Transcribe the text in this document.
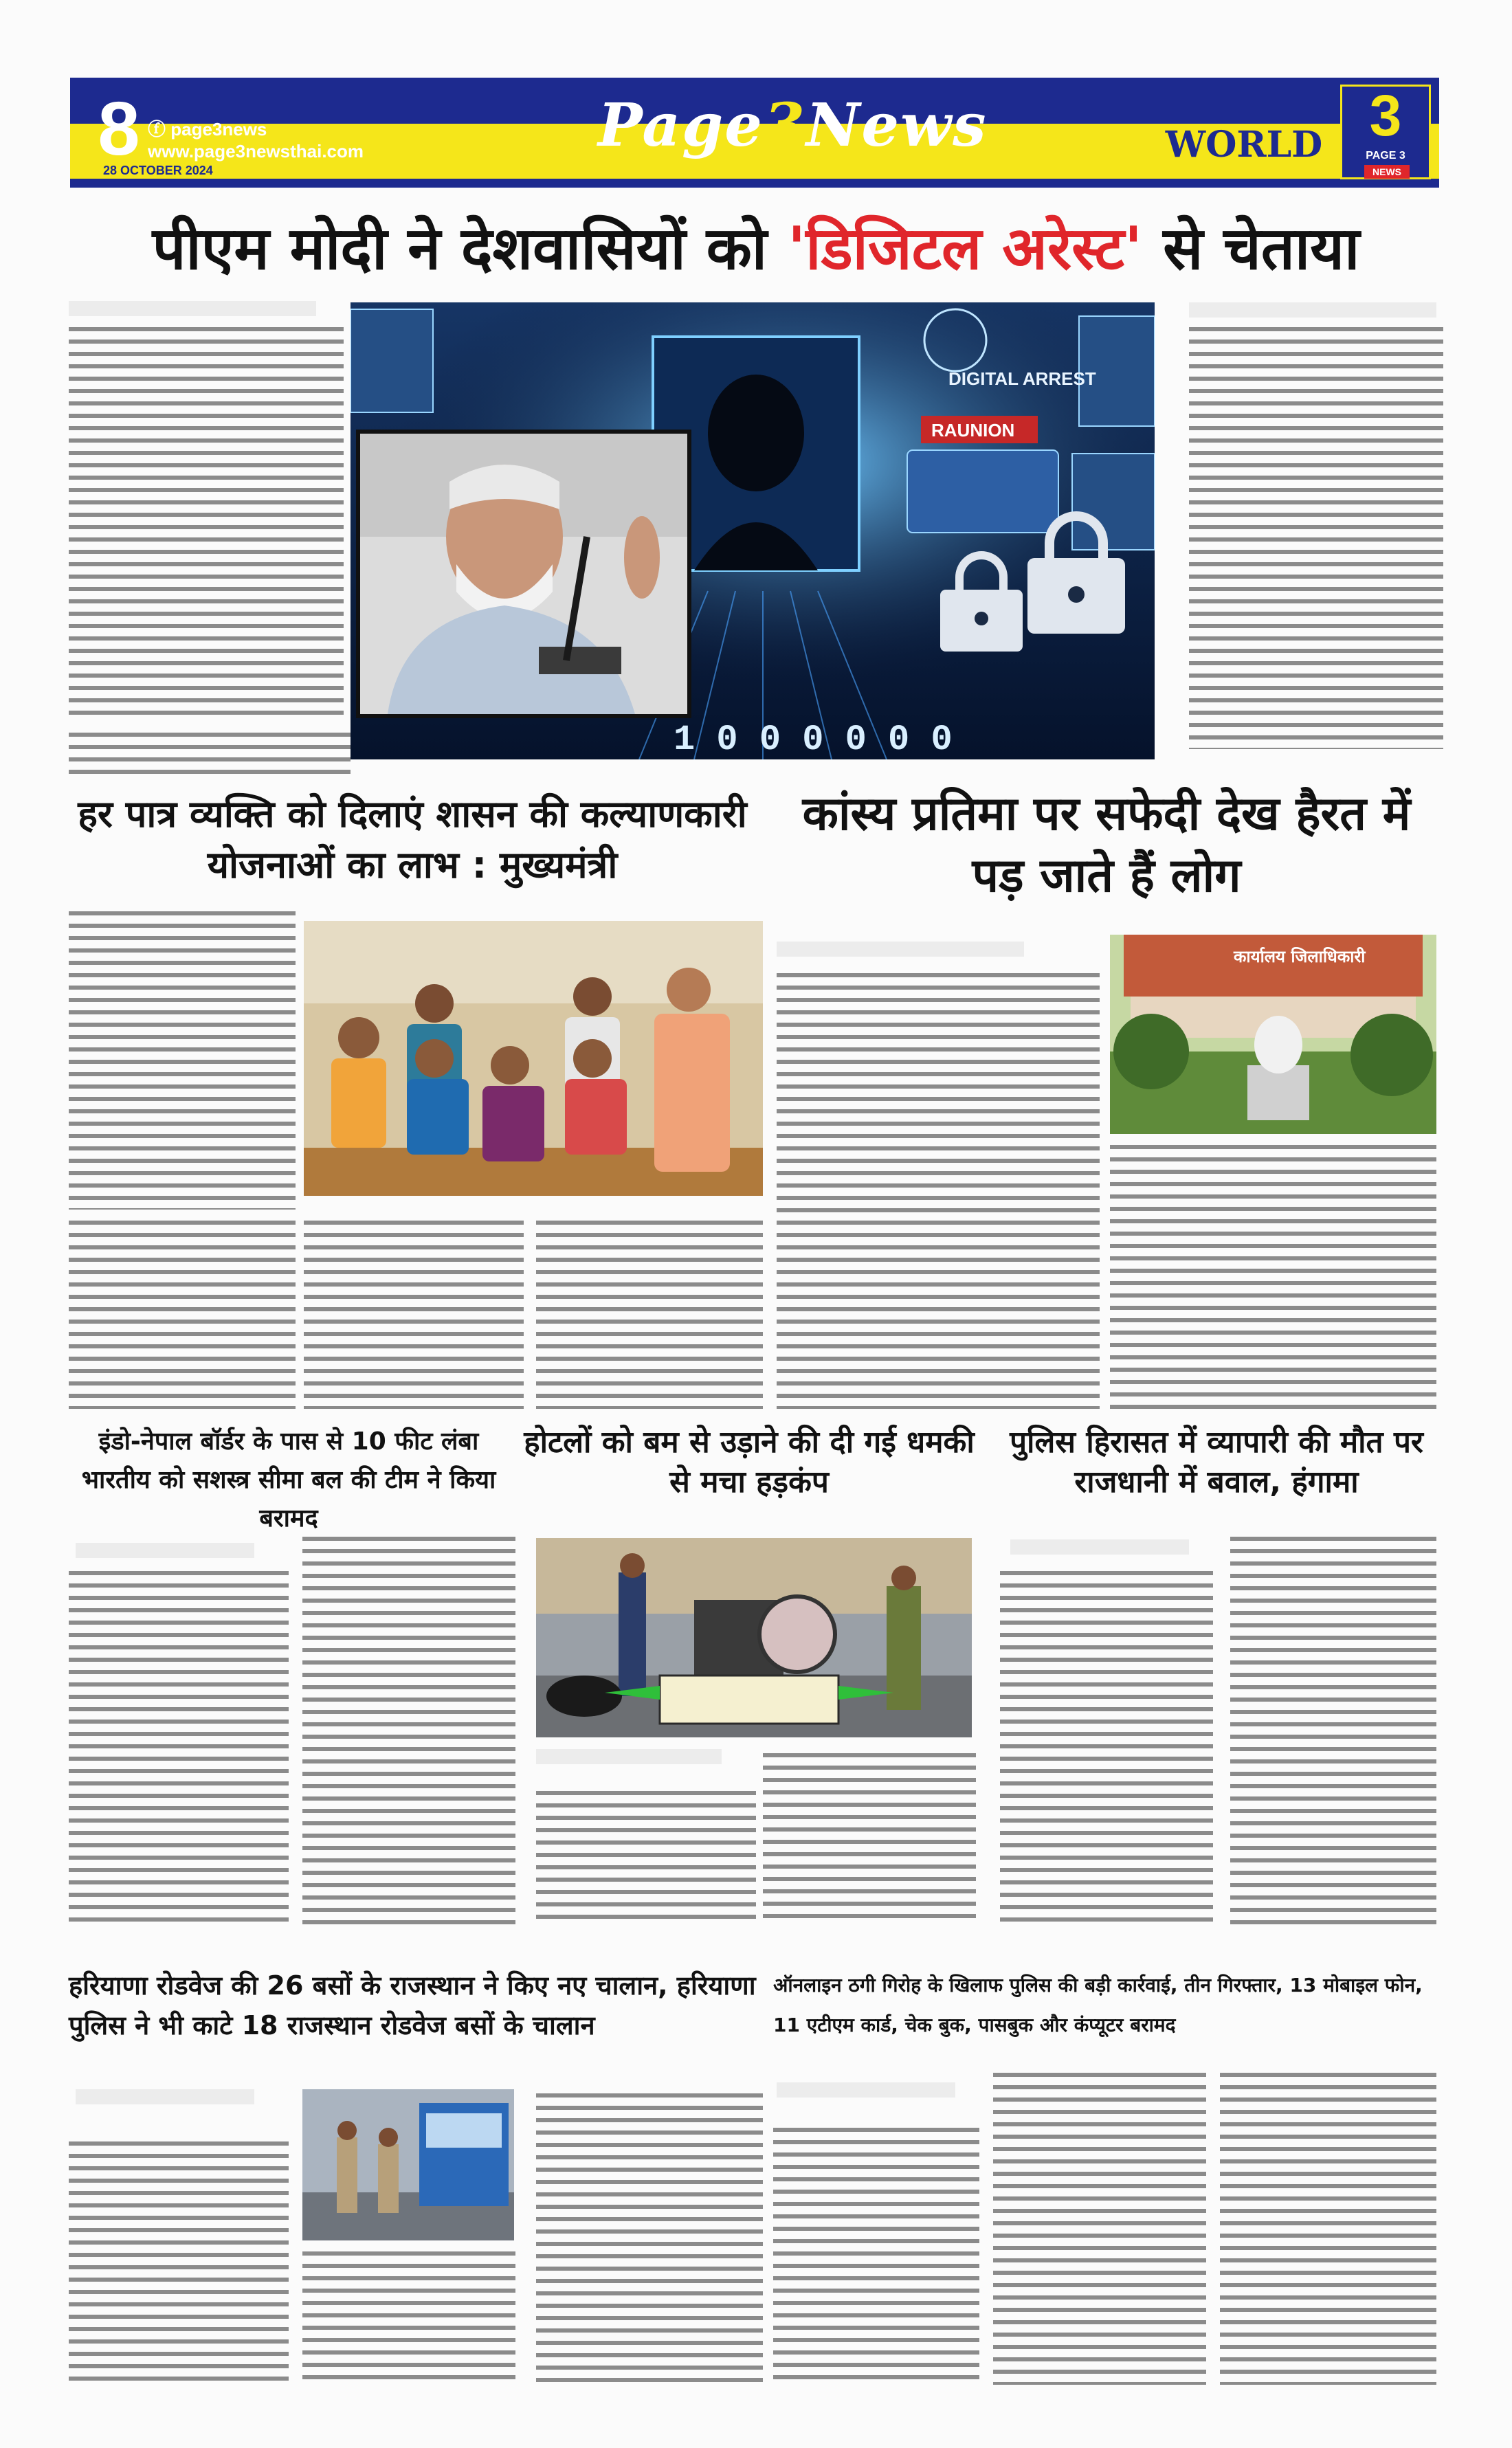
8 ⓕ page3news
www.page3newsthai.com
28 OCTOBER 2024
Page3News	WORLD 3
PAGE 3
NEWS
पीएम मोदी ने देशवासियों को 'डिजिटल अरेस्ट' से चेताया
DIGITAL ARREST
RAUNION
1 0 0 0 0 0 0
हर पात्र व्यक्ति को दिलाएं शासन की कल्याणकारी योजनाओं का लाभ : मुख्यमंत्री
कांस्य प्रतिमा पर सफेदी देख हैरत में पड़ जाते हैं लोग
कार्यालय जिलाधिकारी
इंडो-नेपाल बॉर्डर के पास से 10 फीट लंबा भारतीय को सशस्त्र सीमा बल की टीम ने किया बरामद
होटलों को बम से उड़ाने की दी गई धमकी से मचा हड़कंप
पुलिस हिरासत में व्यापारी की मौत पर राजधानी में बवाल, हंगामा
हरियाणा रोडवेज की 26 बसों के राजस्थान ने किए नए चालान, हरियाणा पुलिस ने भी काटे 18 राजस्थान रोडवेज बसों के चालान
ऑनलाइन ठगी गिरोह के खिलाफ पुलिस की बड़ी कार्रवाई, तीन गिरफ्तार, 13 मोबाइल फोन, 11 एटीएम कार्ड, चेक बुक, पासबुक और कंप्यूटर बरामद
